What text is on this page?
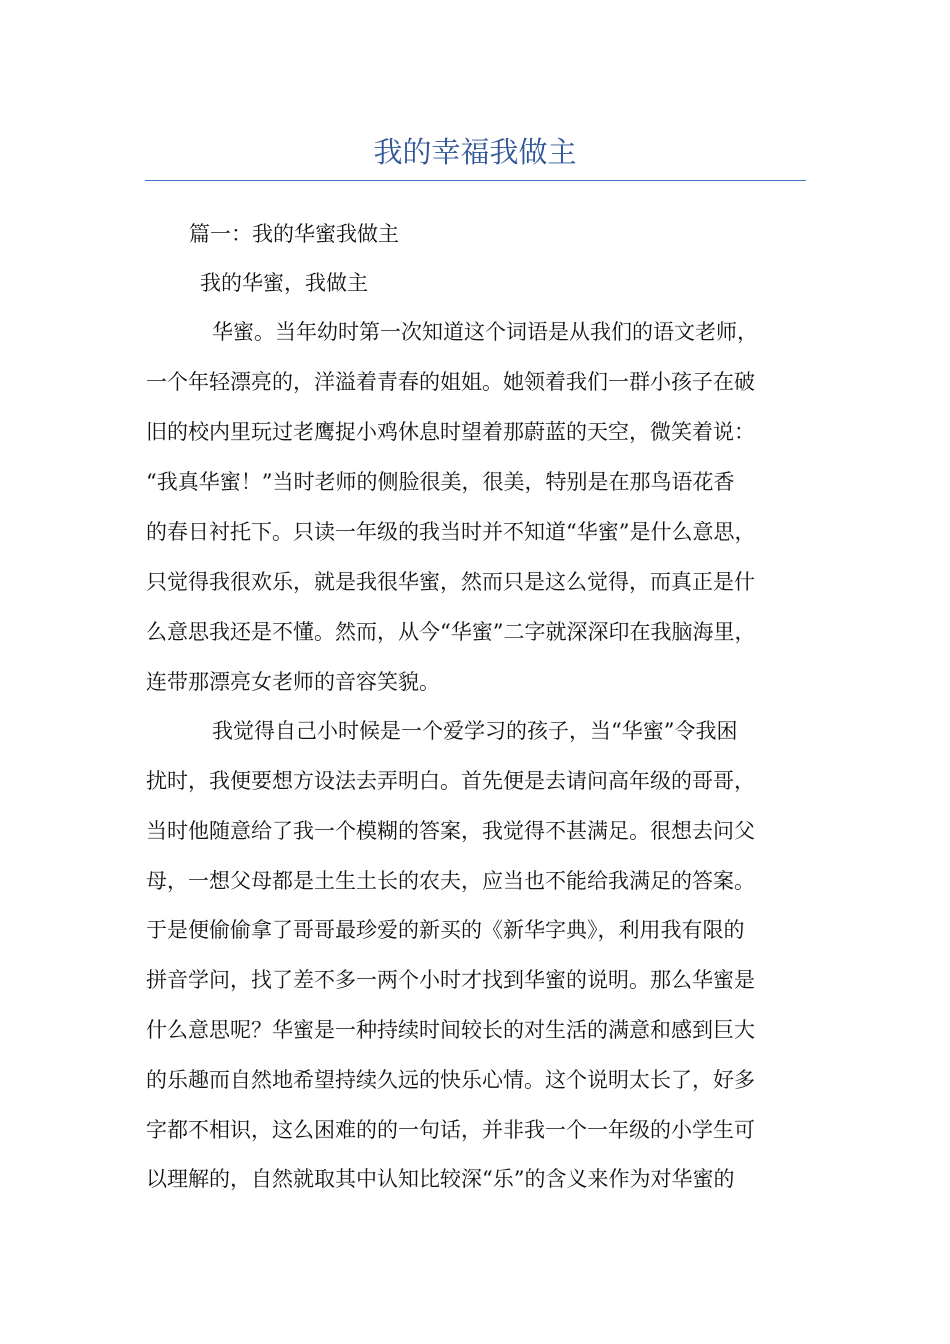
我的幸福我做主
篇一：我的华蜜我做主
我的华蜜，我做主
华蜜。当年幼时第一次知道这个词语是从我们的语文老师，
一个年轻漂亮的，洋溢着青春的姐姐。她领着我们一群小孩子在破
旧的校内里玩过老鹰捉小鸡休息时望着那蔚蓝的天空，微笑着说：
“我真华蜜！”当时老师的侧脸很美，很美，特别是在那鸟语花香
的春日衬托下。只读一年级的我当时并不知道“华蜜”是什么意思，
只觉得我很欢乐，就是我很华蜜，然而只是这么觉得，而真正是什
么意思我还是不懂。然而，从今“华蜜”二字就深深印在我脑海里，
连带那漂亮女老师的音容笑貌。
我觉得自己小时候是一个爱学习的孩子，当“华蜜”令我困
扰时，我便要想方设法去弄明白。首先便是去请问高年级的哥哥，
当时他随意给了我一个模糊的答案，我觉得不甚满足。很想去问父
母，一想父母都是土生土长的农夫，应当也不能给我满足的答案。
于是便偷偷拿了哥哥最珍爱的新买的《新华字典》，利用我有限的
拼音学问，找了差不多一两个小时才找到华蜜的说明。那么华蜜是
什么意思呢？华蜜是一种持续时间较长的对生活的满意和感到巨大
的乐趣而自然地希望持续久远的快乐心情。这个说明太长了，好多
字都不相识，这么困难的的一句话，并非我一个一年级的小学生可
以理解的，自然就取其中认知比较深“乐”的含义来作为对华蜜的
